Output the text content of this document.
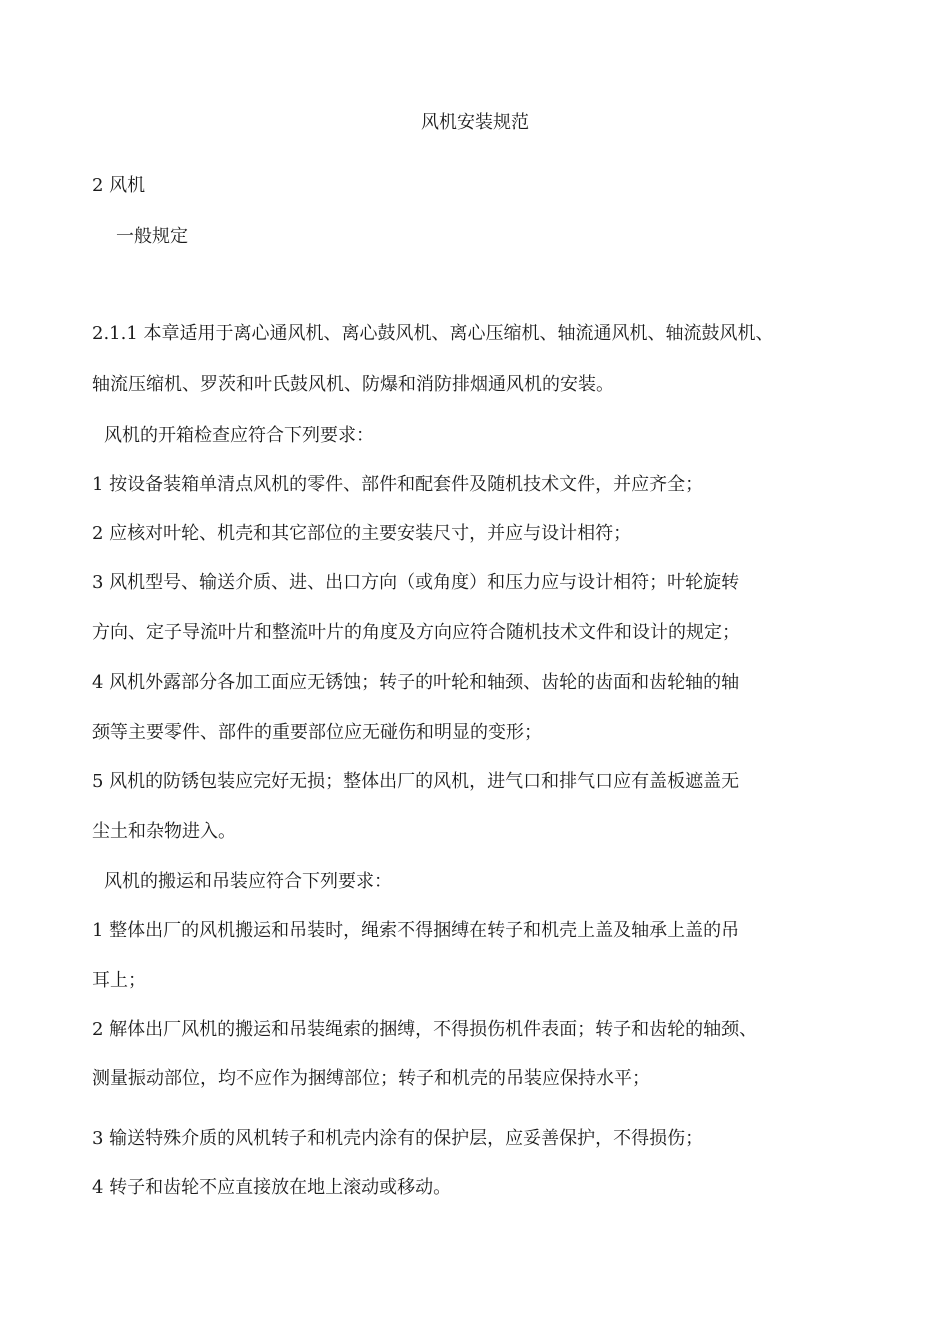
风机安装规范
2 风机
一般规定
2.1.1 本章适用于离心通风机、离心鼓风机、离心压缩机、轴流通风机、轴流鼓风机、
轴流压缩机、罗茨和叶氏鼓风机、防爆和消防排烟通风机的安装。
风机的开箱检查应符合下列要求：
1 按设备装箱单清点风机的零件、部件和配套件及随机技术文件，并应齐全；
2 应核对叶轮、机壳和其它部位的主要安装尺寸，并应与设计相符；
3 风机型号、输送介质、进、出口方向（或角度）和压力应与设计相符；叶轮旋转
方向、定子导流叶片和整流叶片的角度及方向应符合随机技术文件和设计的规定；
4 风机外露部分各加工面应无锈蚀；转子的叶轮和轴颈、齿轮的齿面和齿轮轴的轴
颈等主要零件、部件的重要部位应无碰伤和明显的变形；
5 风机的防锈包装应完好无损；整体出厂的风机，进气口和排气口应有盖板遮盖无
尘土和杂物进入。
风机的搬运和吊装应符合下列要求：
1 整体出厂的风机搬运和吊装时，绳索不得捆缚在转子和机壳上盖及轴承上盖的吊
耳上；
2 解体出厂风机的搬运和吊装绳索的捆缚，不得损伤机件表面；转子和齿轮的轴颈、
测量振动部位，均不应作为捆缚部位；转子和机壳的吊装应保持水平；
3 输送特殊介质的风机转子和机壳内涂有的保护层，应妥善保护，不得损伤；
4 转子和齿轮不应直接放在地上滚动或移动。
